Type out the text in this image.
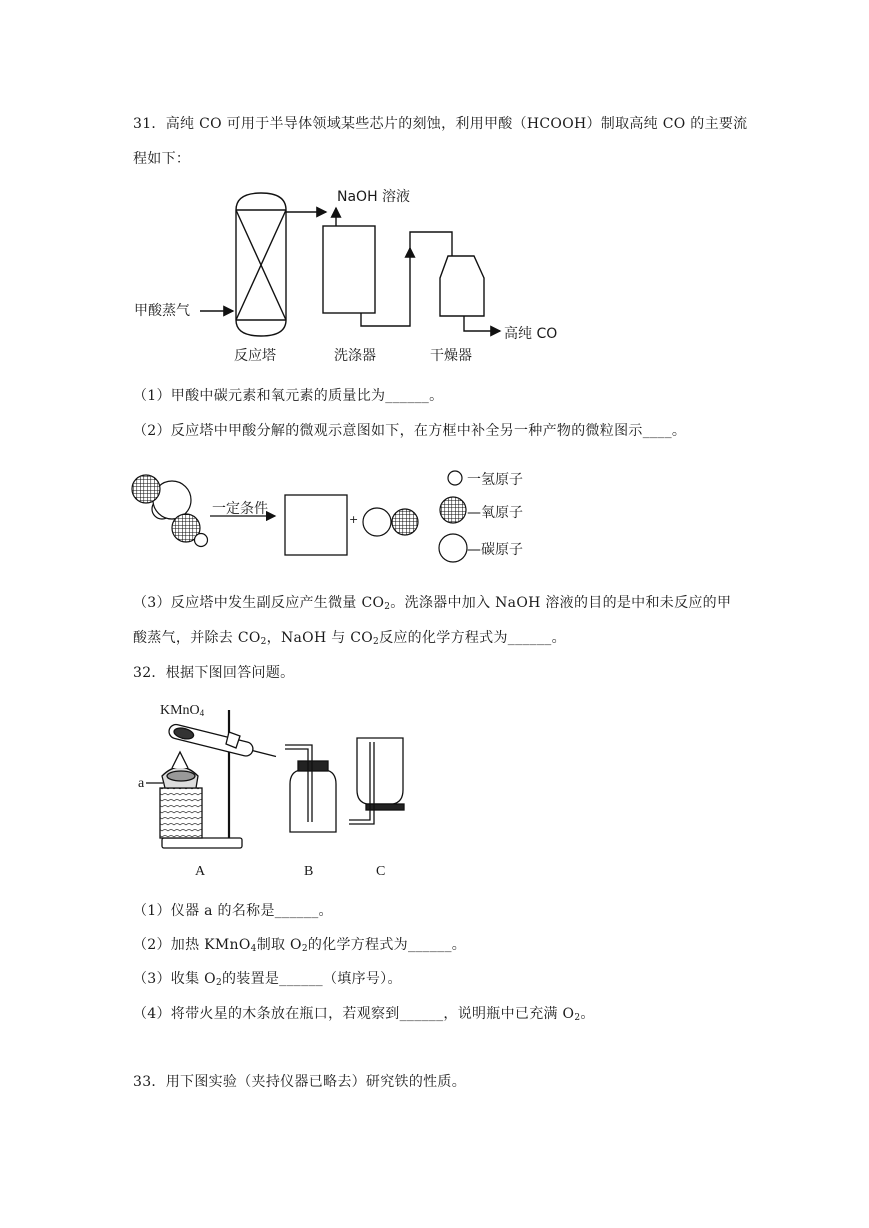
31．高纯 CO 可用于半导体领域某些芯片的刻蚀，利用甲酸（HCOOH）制取高纯 CO 的主要流
程如下：
NaOH 溶液
甲酸蒸气
反应塔	洗涤器	干燥器
高纯 CO
（1）甲酸中碳元素和氧元素的质量比为______。
（2）反应塔中甲酸分解的微观示意图如下，在方框中补全另一种产物的微粒图示____。
一定条件
+
一氢原子
—氧原子
—碳原子
（3）反应塔中发生副反应产生微量 $CO_2$。洗涤器中加入 NaOH 溶液的目的是中和未反应的甲
酸蒸气，并除去 $CO_2$，NaOH 与 $CO_2$反应的化学方程式为______。
32．根据下图回答问题。
KMnO$_4$
a
A	B	C
（1）仪器 a 的名称是______。
（2）加热 KMnO$_4$制取 $O_2$的化学方程式为______。
（3）收集 $O_2$的装置是______（填序号）。
（4）将带火星的木条放在瓶口，若观察到______，说明瓶中已充满 $O_2$。
33．用下图实验（夹持仪器已略去）研究铁的性质。
